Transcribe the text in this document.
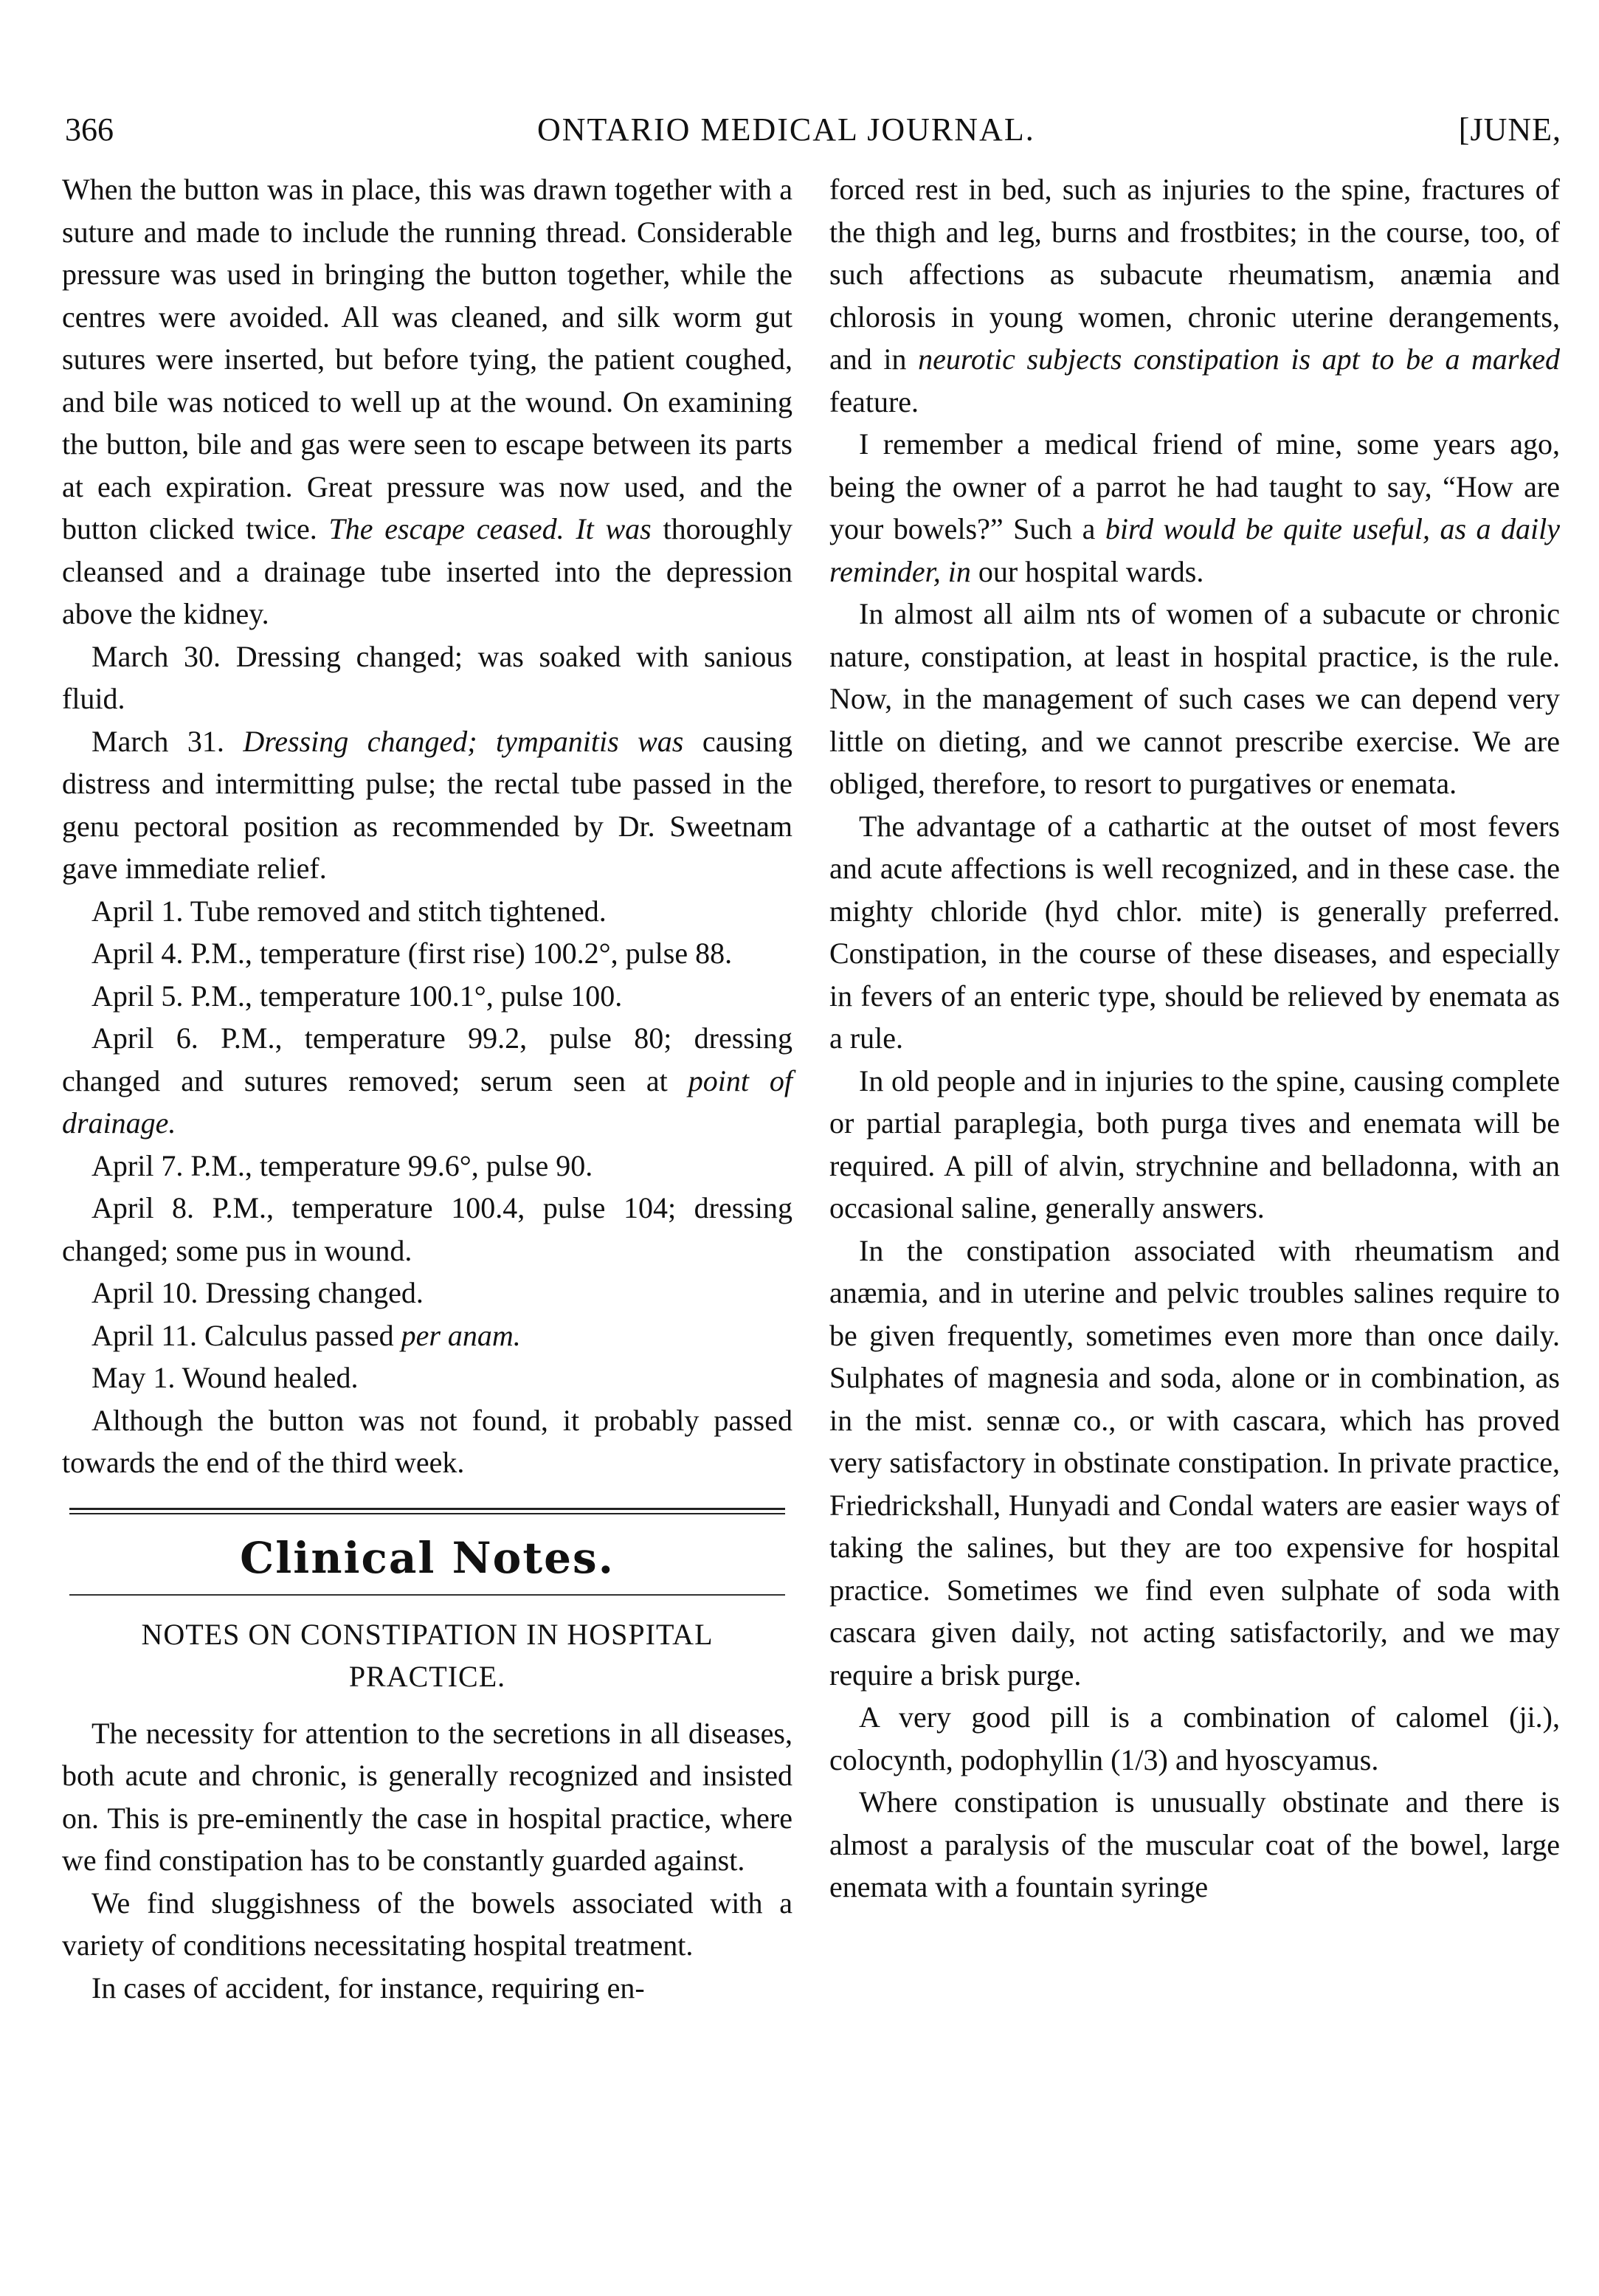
366	ONTARIO MEDICAL JOURNAL.	[JUNE,

When the button was in place, this was drawn together with a suture and made to include the running thread. Considerable pressure was used in bringing the button together, while the centres were avoided. All was cleaned, and silk worm gut sutures were inserted, but before tying, the patient coughed, and bile was noticed to well up at the wound. On examining the button, bile and gas were seen to escape between its parts at each expiration. Great pressure was now used, and the button clicked twice. The escape ceased. It was thoroughly cleansed and a drainage tube inserted into the depression above the kidney.

March 30. Dressing changed; was soaked with sanious fluid.

March 31. Dressing changed; tympanitis was causing distress and intermitting pulse; the rectal tube passed in the genu pectoral position as recommended by Dr. Sweetnam gave immediate relief.

April 1. Tube removed and stitch tightened.

April 4. P.M., temperature (first rise) 100.2°, pulse 88.

April 5. P.M., temperature 100.1°, pulse 100.

April 6. P.M., temperature 99.2, pulse 80; dressing changed and sutures removed; serum seen at point of drainage.

April 7. P.M., temperature 99.6°, pulse 90.

April 8. P.M., temperature 100.4, pulse 104; dressing changed; some pus in wound.

April 10. Dressing changed.

April 11. Calculus passed per anam.

May 1. Wound healed.

Although the button was not found, it probably passed towards the end of the third week.

Clinical Notes.
NOTES ON CONSTIPATION IN HOSPITAL
PRACTICE.

The necessity for attention to the secretions in all diseases, both acute and chronic, is generally recognized and insisted on. This is pre-eminently the case in hospital practice, where we find constipation has to be constantly guarded against.

We find sluggishness of the bowels associated with a variety of conditions necessitating hospital treatment.

In cases of accident, for instance, requiring en-

forced rest in bed, such as injuries to the spine, fractures of the thigh and leg, burns and frostbites; in the course, too, of such affections as subacute rheumatism, anæmia and chlorosis in young women, chronic uterine derangements, and in neurotic subjects constipation is apt to be a marked feature.

I remember a medical friend of mine, some years ago, being the owner of a parrot he had taught to say, “How are your bowels?” Such a bird would be quite useful, as a daily reminder, in our hospital wards.

In almost all ailm nts of women of a subacute or chronic nature, constipation, at least in hospital practice, is the rule. Now, in the management of such cases we can depend very little on dieting, and we cannot prescribe exercise. We are obliged, therefore, to resort to purgatives or enemata.

The advantage of a cathartic at the outset of most fevers and acute affections is well recognized, and in these case. the mighty chloride (hyd chlor. mite) is generally preferred. Constipation, in the course of these diseases, and especially in fevers of an enteric type, should be relieved by enemata as a rule.

In old people and in injuries to the spine, causing complete or partial paraplegia, both purga tives and enemata will be required. A pill of alvin, strychnine and belladonna, with an occasional saline, generally answers.

In the constipation associated with rheumatism and anæmia, and in uterine and pelvic troubles salines require to be given frequently, sometimes even more than once daily. Sulphates of magnesia and soda, alone or in combination, as in the mist. sennæ co., or with cascara, which has proved very satisfactory in obstinate constipation. In private practice, Friedrickshall, Hunyadi and Condal waters are easier ways of taking the salines, but they are too expensive for hospital practice. Sometimes we find even sulphate of soda with cascara given daily, not acting satisfactorily, and we may require a brisk purge.

A very good pill is a combination of calomel (ji.), colocynth, podophyllin (1/3) and hyoscyamus.

Where constipation is unusually obstinate and there is almost a paralysis of the muscular coat of the bowel, large enemata with a fountain syringe
